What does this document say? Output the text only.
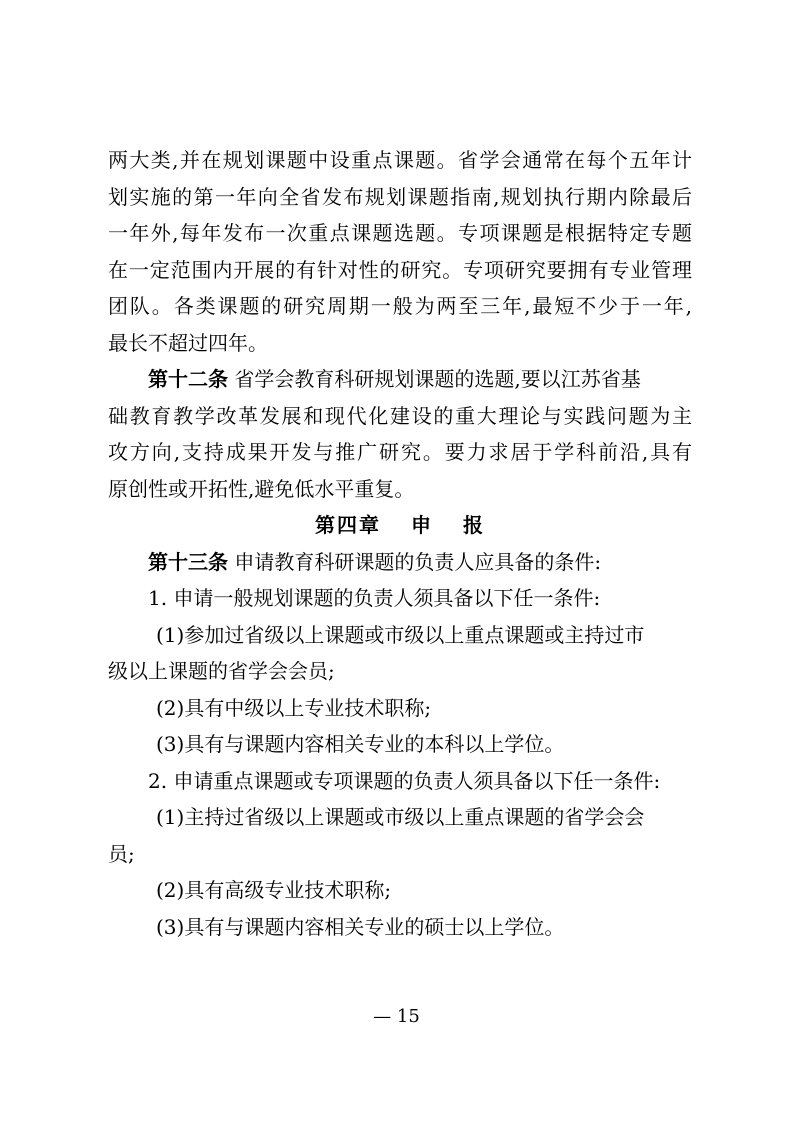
两大类,并在规划课题中设重点课题。省学会通常在每个五年计
划实施的第一年向全省发布规划课题指南,规划执行期内除最后
一年外,每年发布一次重点课题选题。专项课题是根据特定专题
在一定范围内开展的有针对性的研究。专项研究要拥有专业管理
团队。各类课题的研究周期一般为两至三年,最短不少于一年,
最长不超过四年。
第十二条 省学会教育科研规划课题的选题,要以江苏省基
础教育教学改革发展和现代化建设的重大理论与实践问题为主
攻方向,支持成果开发与推广研究。要力求居于学科前沿,具有
原创性或开拓性,避免低水平重复。
第四章 申 报
第十三条 申请教育科研课题的负责人应具备的条件:
1. 申请一般规划课题的负责人须具备以下任一条件:
(1)参加过省级以上课题或市级以上重点课题或主持过市
级以上课题的省学会会员;
(2)具有中级以上专业技术职称;
(3)具有与课题内容相关专业的本科以上学位。
2. 申请重点课题或专项课题的负责人须具备以下任一条件:
(1)主持过省级以上课题或市级以上重点课题的省学会会
员;
(2)具有高级专业技术职称;
(3)具有与课题内容相关专业的硕士以上学位。
— 15
